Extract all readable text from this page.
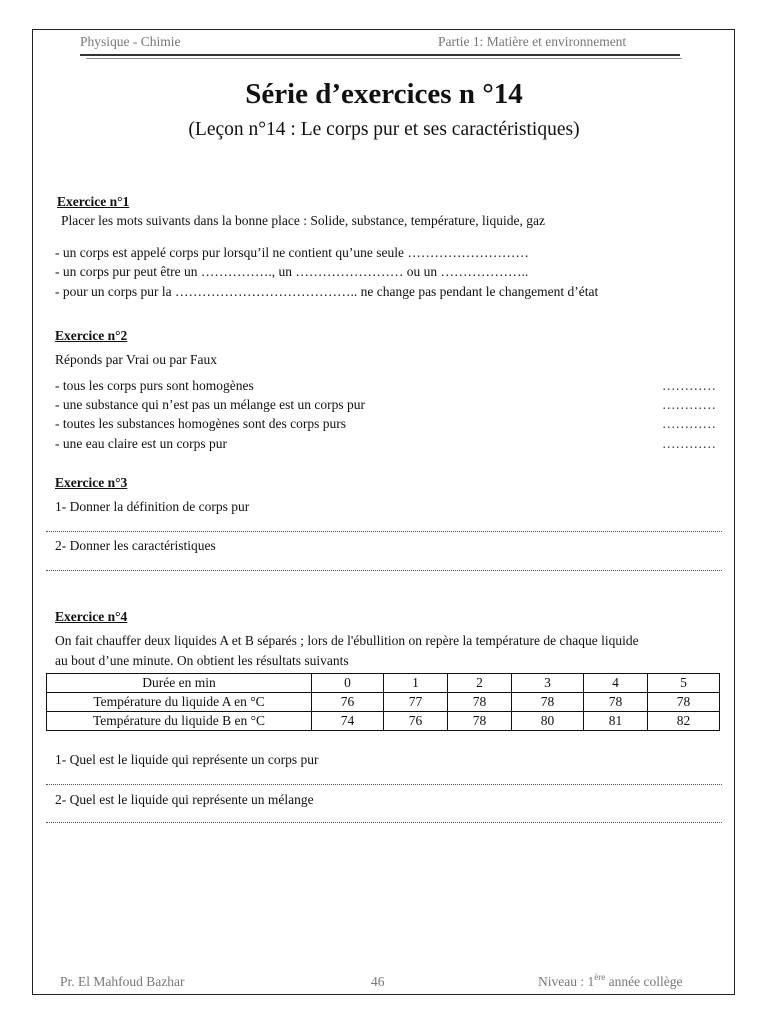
Physique - Chimie	Partie 1: Matière et environnement
Série d’exercices n °14
(Leçon n°14 : Le corps pur et ses caractéristiques)
Exercice n°1
Placer les mots suivants dans la bonne place : Solide, substance, température, liquide, gaz
- un corps est appelé corps pur lorsqu’il ne contient qu’une seule ………………………
- un corps pur peut être un ……………., un …………………… ou un ………………..
- pour un corps pur la ………………………………….. ne change pas pendant le changement d’état
Exercice n°2
Réponds par Vrai ou par Faux
- tous les corps purs sont homogènes	…………
- une substance qui n’est pas un mélange est un corps pur	…………
- toutes les substances homogènes sont des corps purs	…………
- une eau claire est un corps pur	…………
Exercice n°3
1- Donner la définition de corps pur
2- Donner les caractéristiques
Exercice n°4
On fait chauffer deux liquides A et B séparés ; lors de l'ébullition on repère la température de chaque liquide
au bout d’une minute. On obtient les résultats suivants
Durée en min	0	1	2	3	4	5
Température du liquide A en °C	76	77	78	78	78	78
Température du liquide B en °C	74	76	78	80	81	82
1- Quel est le liquide qui représente un corps pur
2- Quel est le liquide qui représente un mélange
Pr. El Mahfoud Bazhar	46	Niveau : 1ère année collège
